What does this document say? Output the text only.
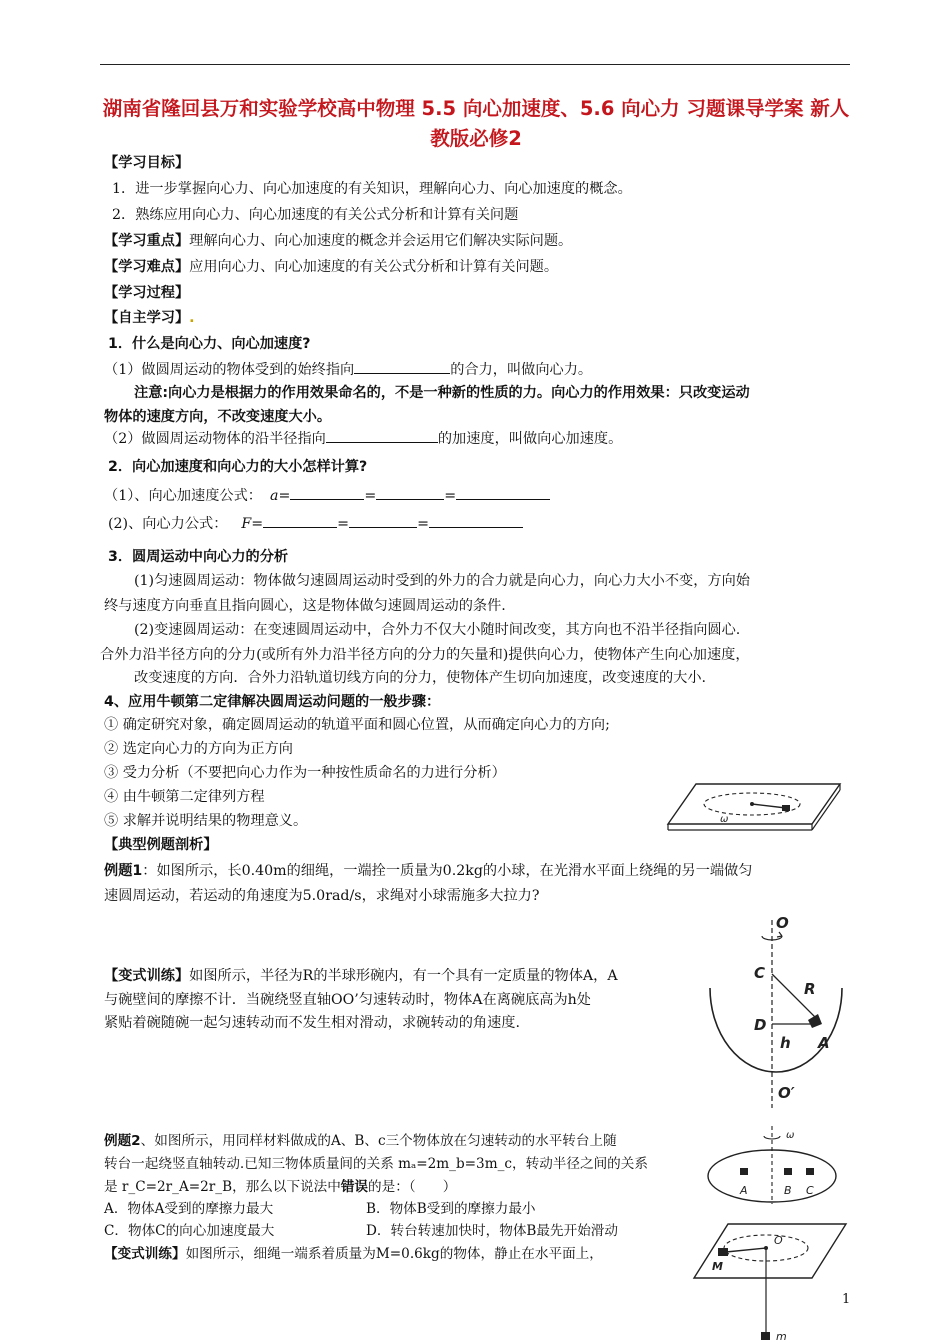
湖南省隆回县万和实验学校高中物理 5.5 向心加速度、5.6 向心力 习题课导学案 新人教版必修2
【学习目标】
1．进一步掌握向心力、向心加速度的有关知识，理解向心力、向心加速度的概念。
2．熟练应用向心力、向心加速度的有关公式分析和计算有关问题
【学习重点】理解向心力、向心加速度的概念并会运用它们解决实际问题。
【学习难点】应用向心力、向心加速度的有关公式分析和计算有关问题。
【学习过程】
【自主学习】.
1．什么是向心力、向心加速度?
（1）做圆周运动的物体受到的始终指向	的合力，叫做向心力。
注意:向心力是根据力的作用效果命名的，不是一种新的性质的力。向心力的作用效果：只改变运动
物体的速度方向，不改变速度大小。
（2）做圆周运动物体的沿半径指向	的加速度，叫做向心加速度。
2．向心加速度和向心力的大小怎样计算?
（1）、向心加速度公式： a=	=	=
(2)、向心力公式： F=	=	=
3．圆周运动中向心力的分析
(1)匀速圆周运动：物体做匀速圆周运动时受到的外力的合力就是向心力，向心力大小不变，方向始
终与速度方向垂直且指向圆心，这是物体做匀速圆周运动的条件.
(2)变速圆周运动：在变速圆周运动中，合外力不仅大小随时间改变，其方向也不沿半径指向圆心.
合外力沿半径方向的分力(或所有外力沿半径方向的分力的矢量和)提供向心力，使物体产生向心加速度，
改变速度的方向．合外力沿轨道切线方向的分力，使物体产生切向加速度，改变速度的大小.
4、应用牛顿第二定律解决圆周运动问题的一般步骤：
① 确定研究对象，确定圆周运动的轨道平面和圆心位置，从而确定向心力的方向;
② 选定向心力的方向为正方向
③ 受力分析（不要把向心力作为一种按性质命名的力进行分析）
④ 由牛顿第二定律列方程
⑤ 求解并说明结果的物理意义。
【典型例题剖析】
例题1：如图所示，长0.40m的细绳，一端拴一质量为0.2kg的小球，在光滑水平面上绕绳的另一端做匀
速圆周运动，若运动的角速度为5.0rad/s，求绳对小球需施多大拉力?
【变式训练】如图所示，半径为R的半球形碗内，有一个具有一定质量的物体A，A
与碗壁间的摩擦不计．当碗绕竖直轴OO’匀速转动时，物体A在离碗底高为h处
紧贴着碗随碗一起匀速转动而不发生相对滑动，求碗转动的角速度.
例题2、如图所示，用同样材料做成的A、B、c三个物体放在匀速转动的水平转台上随
转台一起绕竖直轴转动.已知三物体质量间的关系 mₐ=2m_b=3m_c，转动半径之间的关系
是 r_C=2r_A=2r_B，那么以下说法中错误的是：（　　）
A．物体A受到的摩擦力最大	B．物体B受到的摩擦力最小
C．物体C的向心加速度最大	D．转台转速加快时，物体B最先开始滑动
【变式训练】如图所示，细绳一端系着质量为M=0.6kg的物体，静止在水平面上，
ω
O
C
R
D
h A
O′
ω
A	B C
O
M
m
1
